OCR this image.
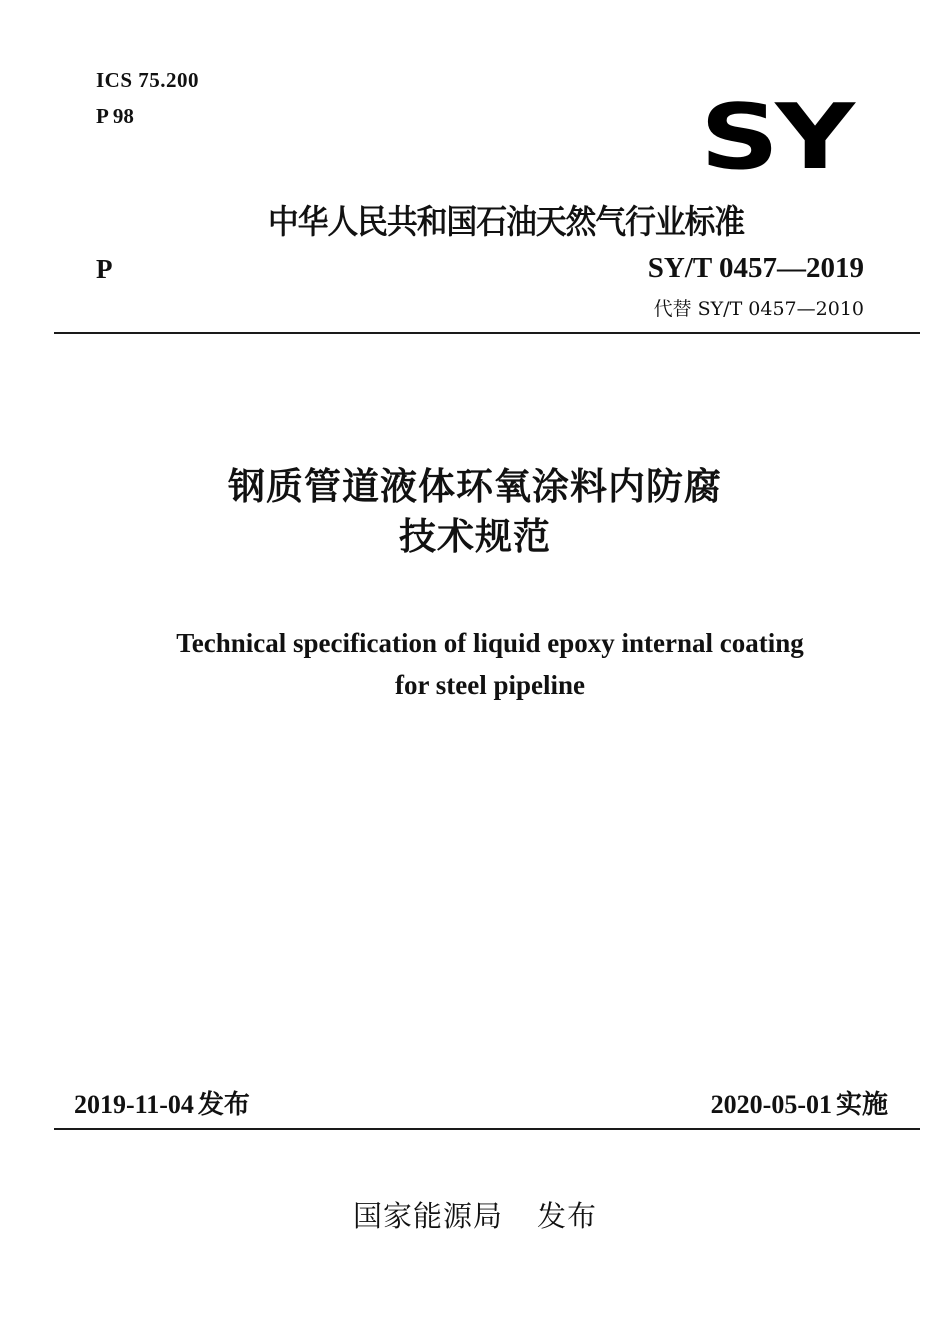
ICS 75.200
P 98	SY
中华人民共和国石油天然气行业标准
P	SY/T 0457—2019
代替 SY/T 0457—2010
钢质管道液体环氧涂料内防腐
技术规范
Technical specification of liquid epoxy internal coating
for steel pipeline
2019-11-04 发布	2020-05-01 实施
国家能源局 发布
